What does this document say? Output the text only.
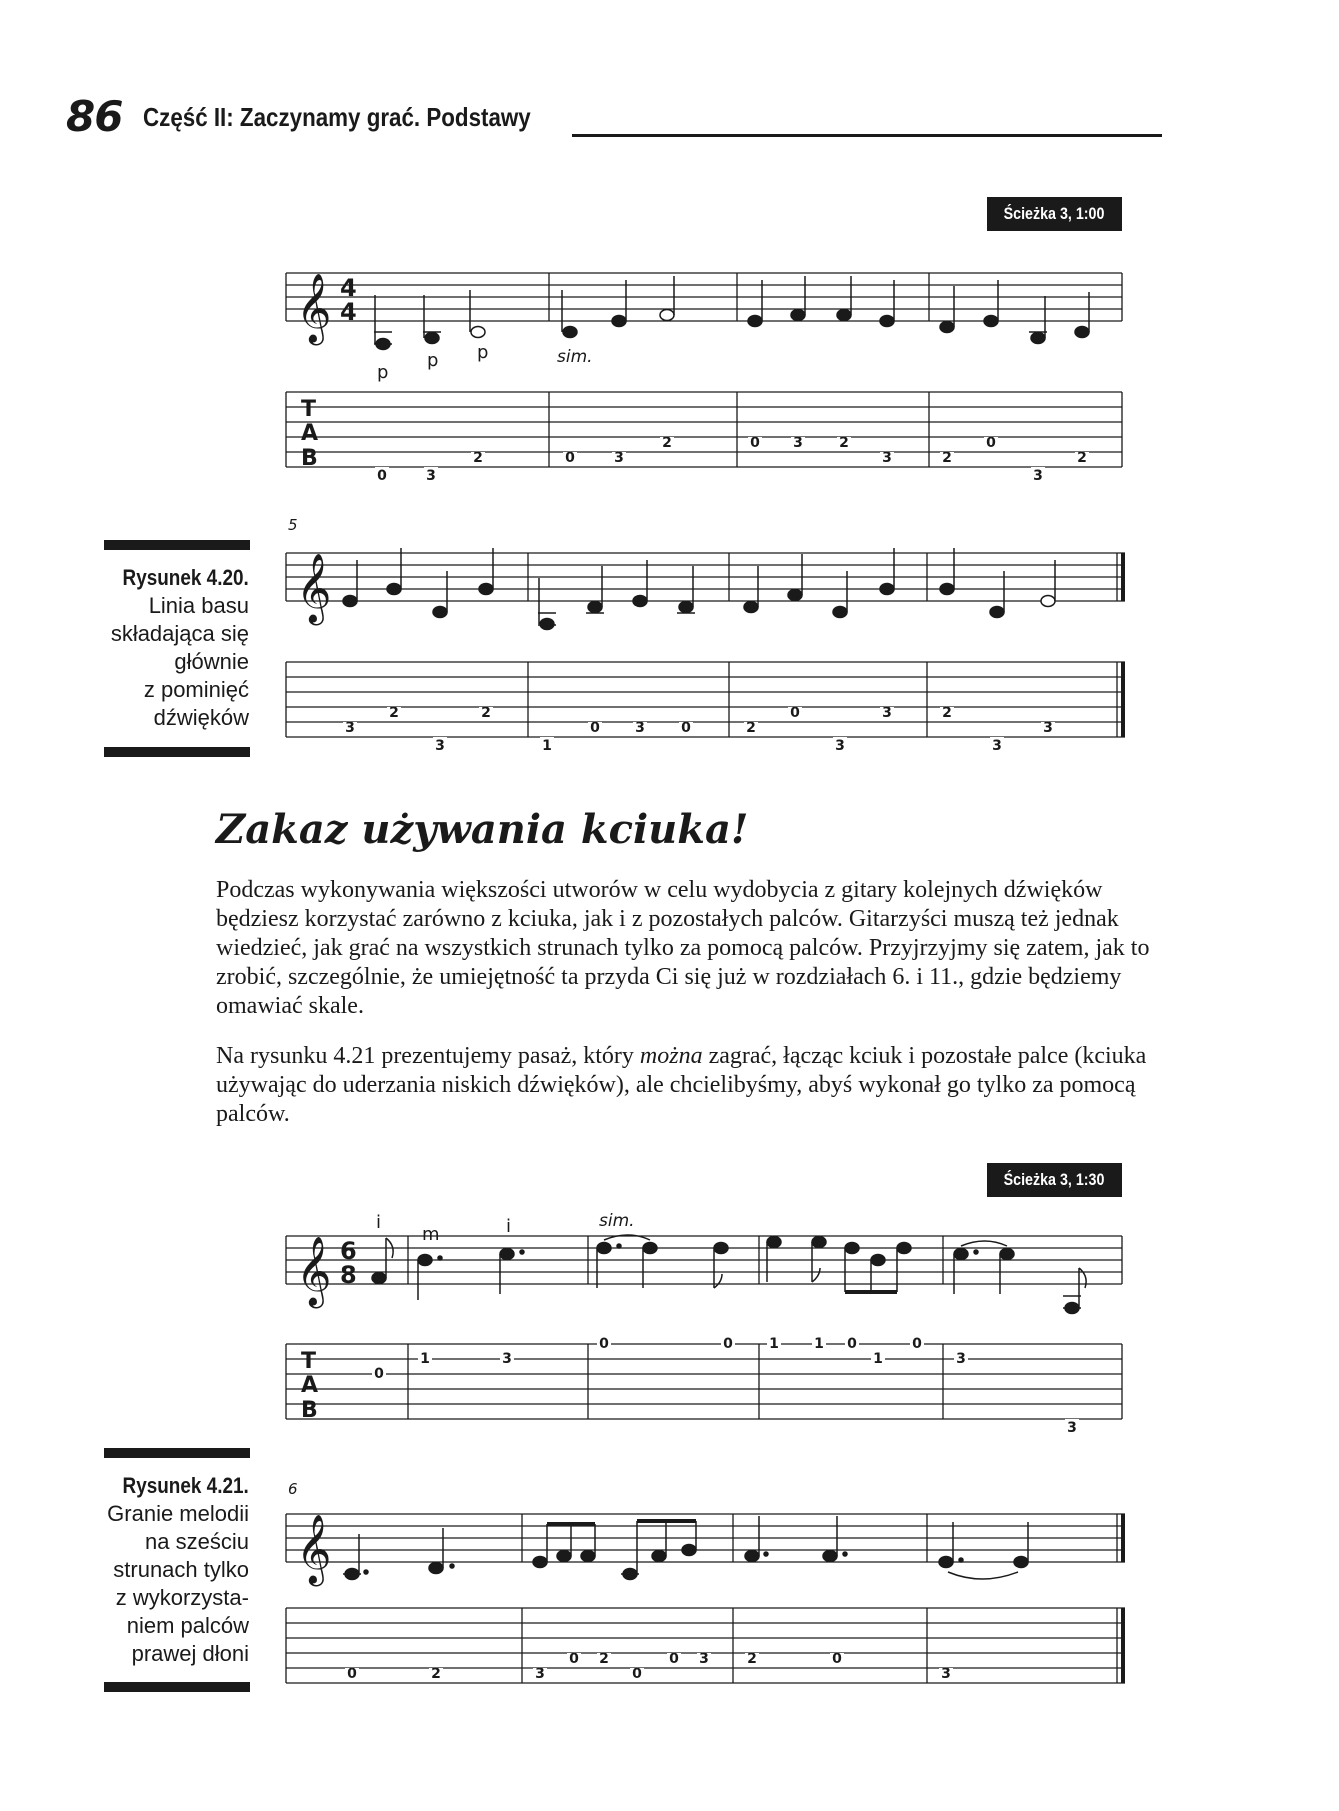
86 Część II: Zaczynamy grać. Podstawy
Ścieżka 3, 1:00
𝄞 4
4
p
p p	sim.
T
A
B
0	3
2	0	3
2	0 3	2
3	2
0
3
2
5
𝄞
3
2
3
2
1
0	3	0	2
3
0	3	2
3
3
𝄞 6
8
i
m	i	sim.
T
A
B
0
1	3
0	0	1	1 0
1
0
3
3
6
𝄞
0	2	3
0 2
0
0 3	2	0
3
Rysunek 4.20.
Linia basu
składająca się
głównie
z pominięć
dźwięków
Zakaz używania kciuka!
Podczas wykonywania większości utworów w celu wydobycia z gitary kolejnych dźwięków będziesz korzystać zarówno z kciuka, jak i z pozostałych palców. Gitarzyści muszą też jednak wiedzieć, jak grać na wszystkich strunach tylko za pomocą palców. Przyjrzyjmy się zatem, jak to zrobić, szczególnie, że umiejętność ta przyda Ci się już w rozdziałach 6. i 11., gdzie będziemy omawiać skale.
Na rysunku 4.21 prezentujemy pasaż, który można zagrać, łącząc kciuk i pozostałe palce (kciuka używając do uderzania niskich dźwięków), ale chcielibyśmy, abyś wykonał go tylko za pomocą palców.
Ścieżka 3, 1:30
Rysunek 4.21.
Granie melodii
na sześciu
strunach tylko
z wykorzysta-
niem palców
prawej dłoni
